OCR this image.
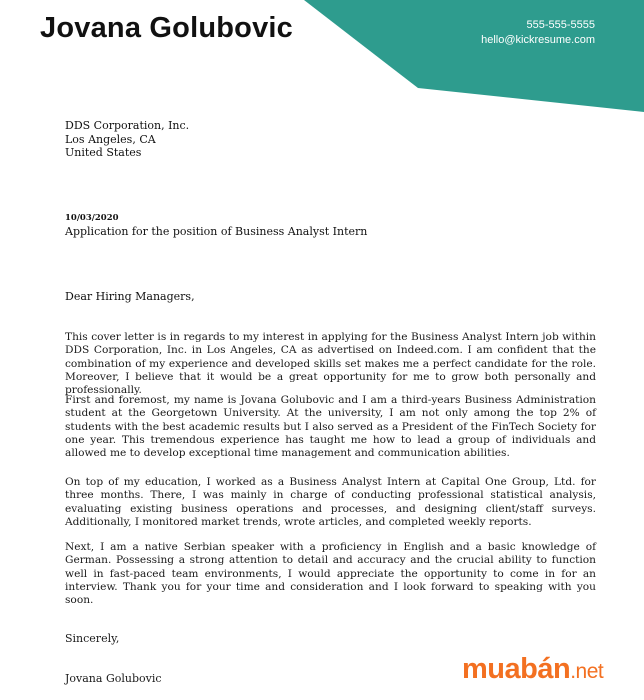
Jovana Golubovic	555-555-5555
hello@kickresume.com
DDS Corporation, Inc.
Los Angeles, CA
United States
10/03/2020
Application for the position of Business Analyst Intern
Dear Hiring Managers,

This cover letter is in regards to my interest in applying for the Business Analyst Intern job within DDS Corporation, Inc. in Los Angeles, CA as advertised on Indeed.com. I am confident that the combination of my experience and developed skills set makes me a perfect candidate for the role. Moreover, I believe that it would be a great opportunity for me to grow both personally and professionally.

First and foremost, my name is Jovana Golubovic and I am a third-years Business Administration student at the Georgetown University. At the university, I am not only among the top 2% of students with the best academic results but I also served as a President of the FinTech Society for one year. This tremendous experience has taught me how to lead a group of individuals and allowed me to develop exceptional time management and communication abilities.

On top of my education, I worked as a Business Analyst Intern at Capital One Group, Ltd. for three months. There, I was mainly in charge of conducting professional statistical analysis, evaluating existing business operations and processes, and designing client/staff surveys. Additionally, I monitored market trends, wrote articles, and completed weekly reports.

Next, I am a native Serbian speaker with a proficiency in English and a basic knowledge of German. Possessing a strong attention to detail and accuracy and the crucial ability to function well in fast-paced team environments, I would appreciate the opportunity to come in for an interview. Thank you for your time and consideration and I look forward to speaking with you soon.

Sincerely,
Jovana Golubovic	muabán.net
